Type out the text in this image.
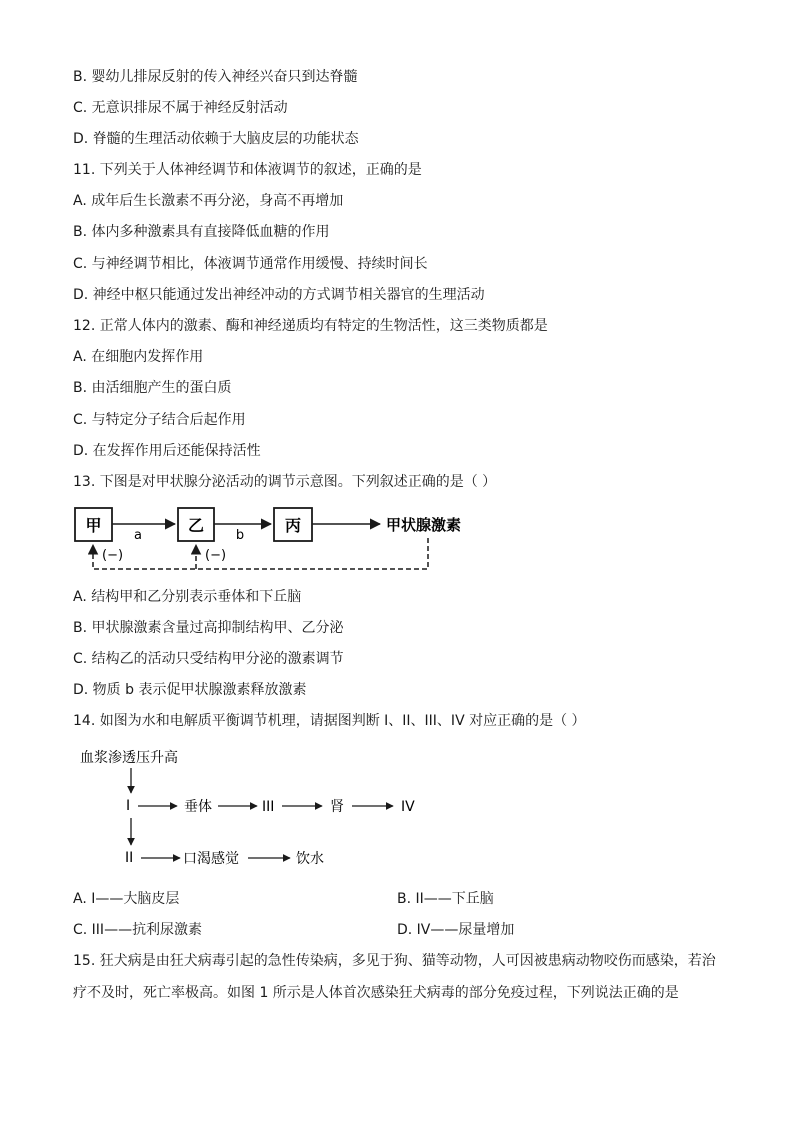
B. 婴幼儿排尿反射的传入神经兴奋只到达脊髓
C. 无意识排尿不属于神经反射活动
D. 脊髓的生理活动依赖于大脑皮层的功能状态
11. 下列关于人体神经调节和体液调节的叙述，正确的是
A. 成年后生长激素不再分泌，身高不再增加
B. 体内多种激素具有直接降低血糖的作用
C. 与神经调节相比，体液调节通常作用缓慢、持续时间长
D. 神经中枢只能通过发出神经冲动的方式调节相关器官的生理活动
12. 正常人体内的激素、酶和神经递质均有特定的生物活性，这三类物质都是
A. 在细胞内发挥作用
B. 由活细胞产生的蛋白质
C. 与特定分子结合后起作用
D. 在发挥作用后还能保持活性
13. 下图是对甲状腺分泌活动的调节示意图。下列叙述正确的是（ ）
甲
a
乙
b
丙	甲状腺激素
(−)	(−)
A. 结构甲和乙分别表示垂体和下丘脑
B. 甲状腺激素含量过高抑制结构甲、乙分泌
C. 结构乙的活动只受结构甲分泌的激素调节
D. 物质 b 表示促甲状腺激素释放激素
14. 如图为水和电解质平衡调节机理，请据图判断 I、II、III、IV 对应正确的是（ ）
血浆渗透压升高
I	垂体	III	肾	IV
II	口渴感觉	饮水
A. I——大脑皮层	B. II——下丘脑
C. III——抗利尿激素	D. IV——尿量增加
15. 狂犬病是由狂犬病毒引起的急性传染病，多见于狗、猫等动物，人可因被患病动物咬伤而感染，若治
疗不及时，死亡率极高。如图 1 所示是人体首次感染狂犬病毒的部分免疫过程，下列说法正确的是
